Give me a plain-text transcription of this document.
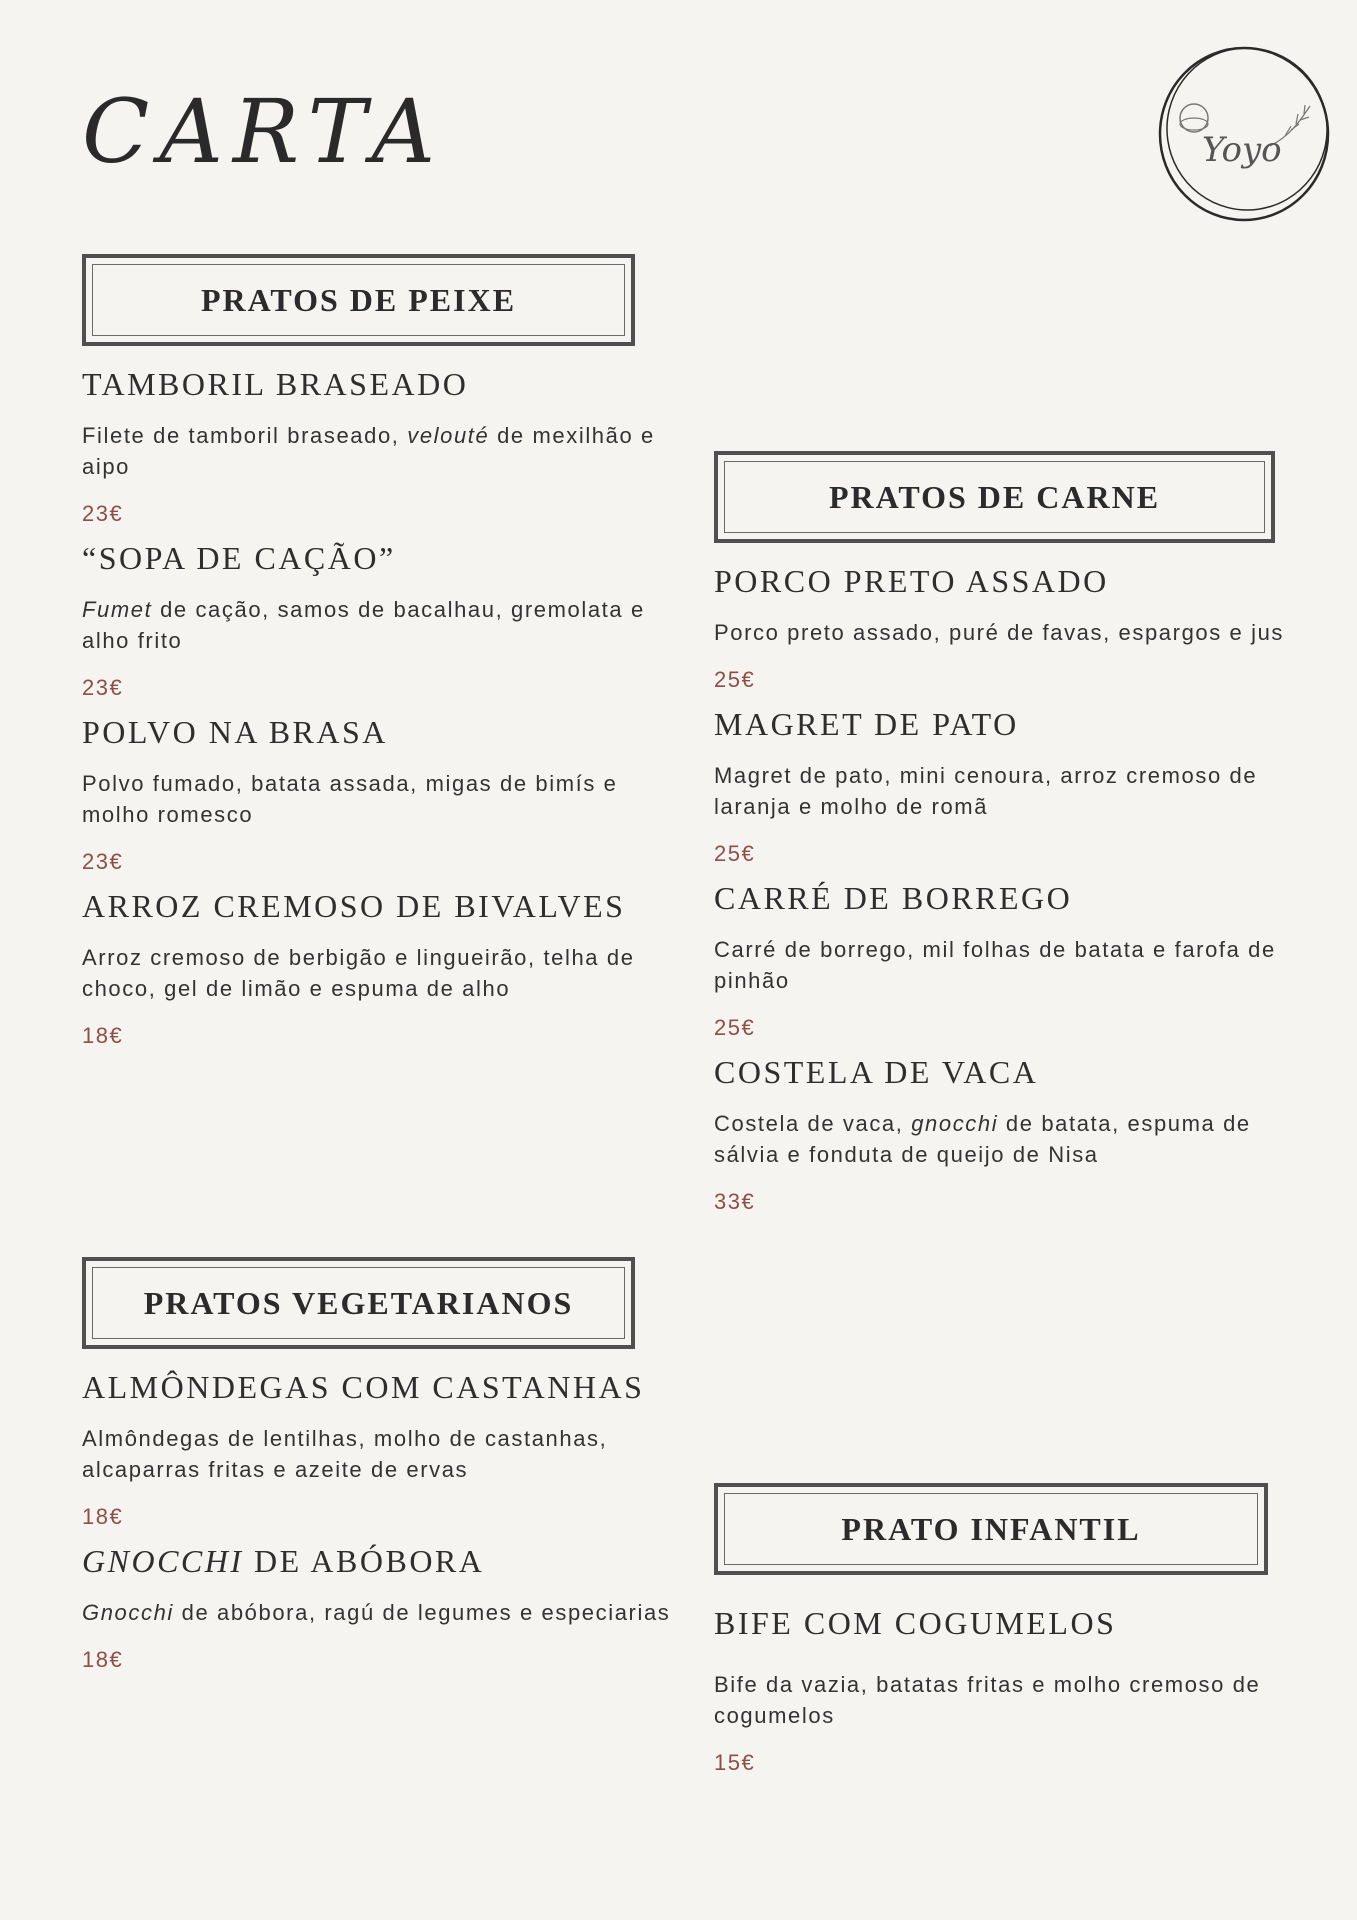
CARTA	Yoyo
PRATOS DE PEIXE
TAMBORIL BRASEADO

Filete de tamboril braseado, velouté de mexilhão e aipo

23€

“SOPA DE CAÇÃO”

Fumet de cação, samos de bacalhau, gremolata e alho frito

23€

POLVO NA BRASA

Polvo fumado, batata assada, migas de bimís e molho romesco

23€

ARROZ CREMOSO DE BIVALVES

Arroz cremoso de berbigão e lingueirão, telha de choco, gel de limão e espuma de alho

18€

PRATOS DE CARNE
PORCO PRETO ASSADO

Porco preto assado, puré de favas, espargos e jus

25€

MAGRET DE PATO

Magret de pato, mini cenoura, arroz cremoso de laranja e molho de romã

25€

CARRÉ DE BORREGO

Carré de borrego, mil folhas de batata e farofa de pinhão

25€

COSTELA DE VACA

Costela de vaca, gnocchi de batata, espuma de sálvia e fonduta de queijo de Nisa

33€

PRATOS VEGETARIANOS
ALMÔNDEGAS COM CASTANHAS

Almôndegas de lentilhas, molho de castanhas, alcaparras fritas e azeite de ervas

18€

GNOCCHI DE ABÓBORA

Gnocchi de abóbora, ragú de legumes e especiarias

18€

PRATO INFANTIL
BIFE COM COGUMELOS

Bife da vazia, batatas fritas e molho cremoso de cogumelos

15€
